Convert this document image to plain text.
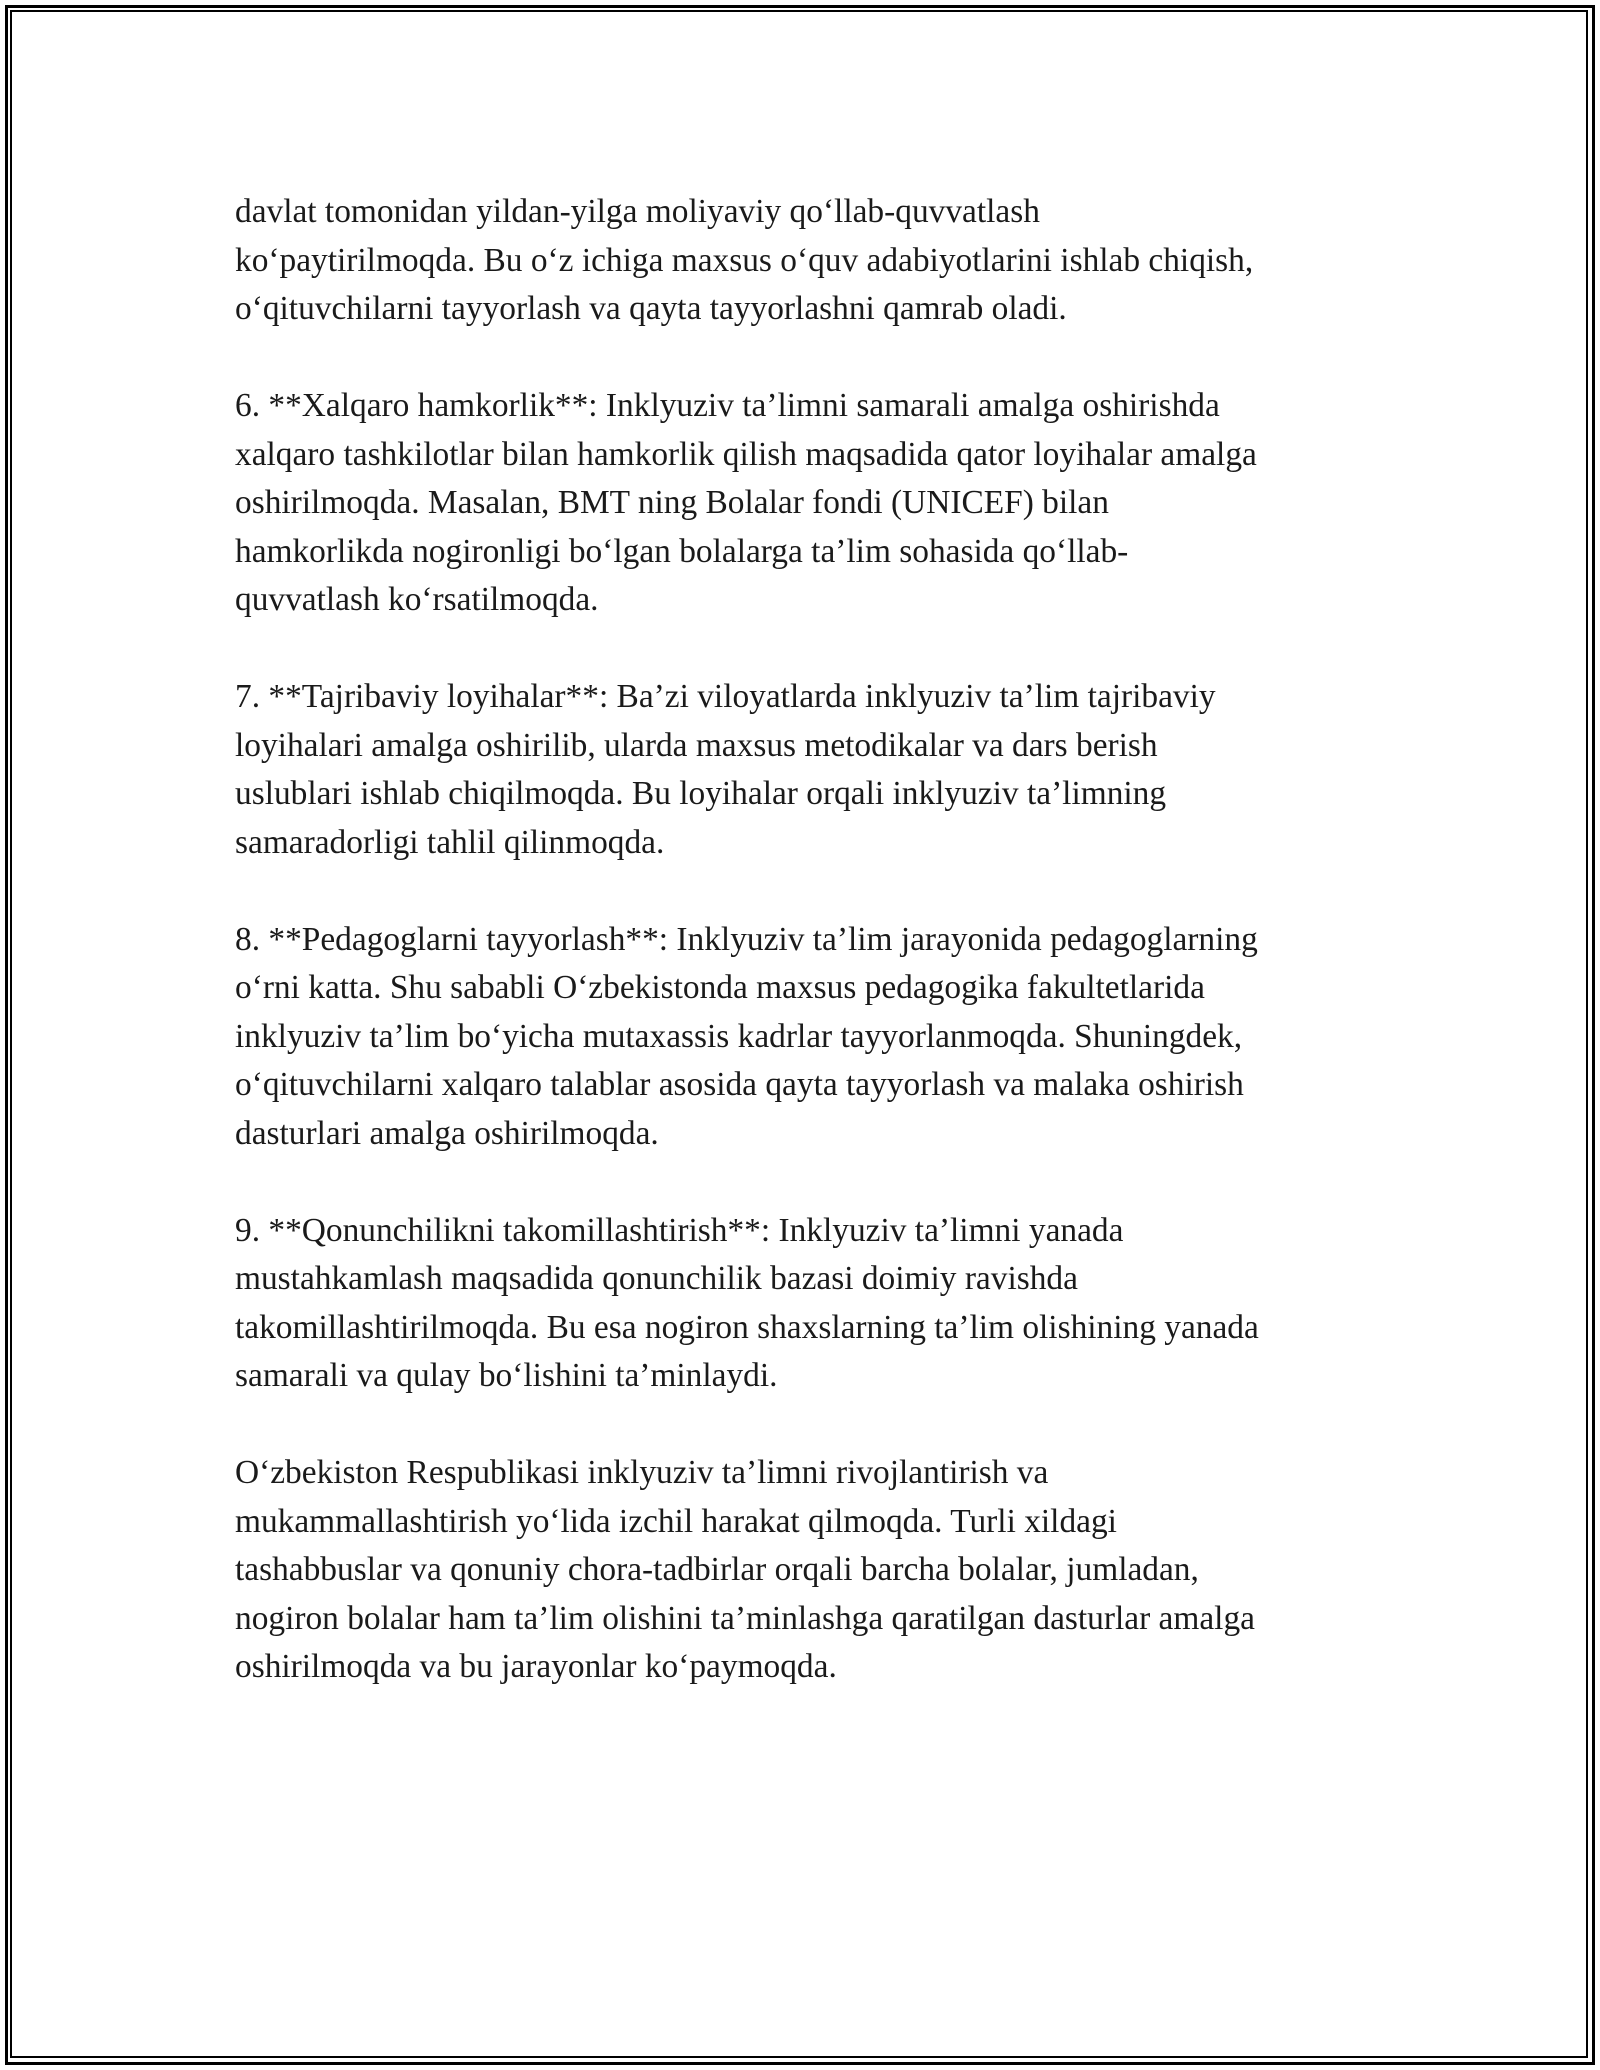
davlat tomonidan yildan-yilga moliyaviy qo‘llab-quvvatlash
ko‘paytirilmoqda. Bu o‘z ichiga maxsus o‘quv adabiyotlarini ishlab chiqish,
o‘qituvchilarni tayyorlash va qayta tayyorlashni qamrab oladi.

6. **Xalqaro hamkorlik**: Inklyuziv ta’limni samarali amalga oshirishda
xalqaro tashkilotlar bilan hamkorlik qilish maqsadida qator loyihalar amalga
oshirilmoqda. Masalan, BMT ning Bolalar fondi (UNICEF) bilan
hamkorlikda nogironligi bo‘lgan bolalarga ta’lim sohasida qo‘llab-
quvvatlash ko‘rsatilmoqda.

7. **Tajribaviy loyihalar**: Ba’zi viloyatlarda inklyuziv ta’lim tajribaviy
loyihalari amalga oshirilib, ularda maxsus metodikalar va dars berish
uslublari ishlab chiqilmoqda. Bu loyihalar orqali inklyuziv ta’limning
samaradorligi tahlil qilinmoqda.

8. **Pedagoglarni tayyorlash**: Inklyuziv ta’lim jarayonida pedagoglarning
o‘rni katta. Shu sababli O‘zbekistonda maxsus pedagogika fakultetlarida
inklyuziv ta’lim bo‘yicha mutaxassis kadrlar tayyorlanmoqda. Shuningdek,
o‘qituvchilarni xalqaro talablar asosida qayta tayyorlash va malaka oshirish
dasturlari amalga oshirilmoqda.

9. **Qonunchilikni takomillashtirish**: Inklyuziv ta’limni yanada
mustahkamlash maqsadida qonunchilik bazasi doimiy ravishda
takomillashtirilmoqda. Bu esa nogiron shaxslarning ta’lim olishining yanada
samarali va qulay bo‘lishini ta’minlaydi.

O‘zbekiston Respublikasi inklyuziv ta’limni rivojlantirish va
mukammallashtirish yo‘lida izchil harakat qilmoqda. Turli xildagi
tashabbuslar va qonuniy chora-tadbirlar orqali barcha bolalar, jumladan,
nogiron bolalar ham ta’lim olishini ta’minlashga qaratilgan dasturlar amalga
oshirilmoqda va bu jarayonlar ko‘paymoqda.
